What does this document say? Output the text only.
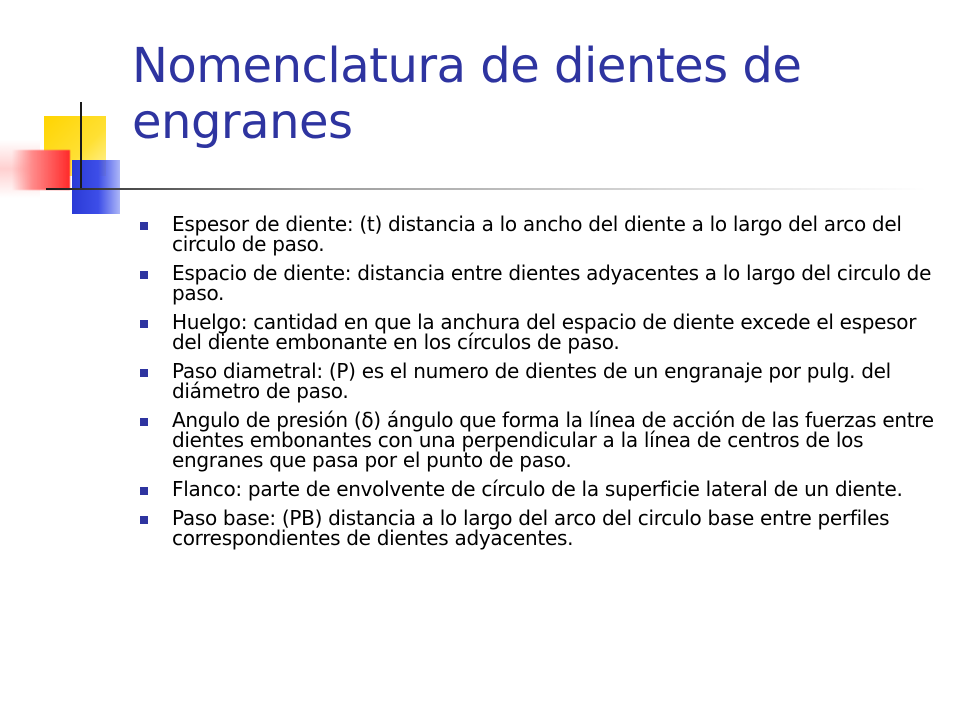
Nomenclatura de dientes de engranes
Espesor de diente: (t) distancia a lo ancho del diente a lo largo del arco del circulo de paso.
Espacio de diente: distancia entre dientes adyacentes a lo largo del circulo de paso.
Huelgo: cantidad en que la anchura del espacio de diente excede el espesor del diente embonante en los círculos de paso.
Paso diametral: (P) es el numero de dientes de un engranaje por pulg. del diámetro de paso.
Angulo de presión (δ) ángulo que forma la línea de acción de las fuerzas entre dientes embonantes con una perpendicular a la línea de centros de los engranes que pasa por el punto de paso.
Flanco: parte de envolvente de círculo de la superficie lateral de un diente.
Paso base: (PB) distancia a lo largo del arco del circulo base entre perfiles correspondientes de dientes adyacentes.
